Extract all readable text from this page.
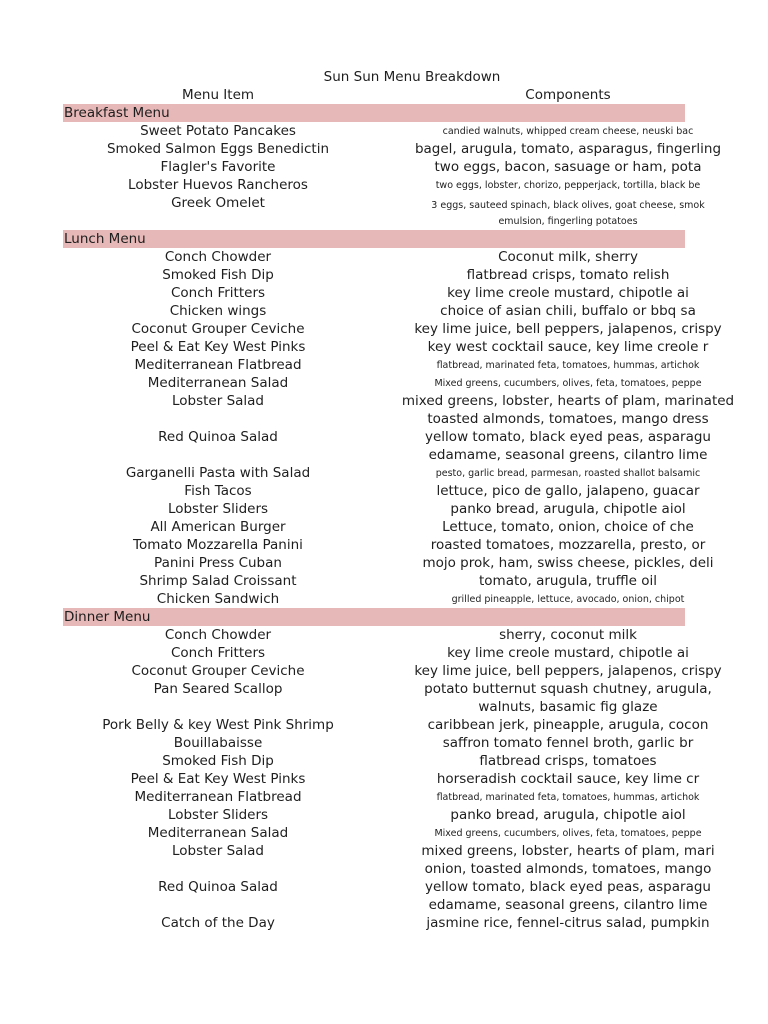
Sun Sun Menu Breakdown
Menu Item	Components
Breakfast Menu
Sweet Potato Pancakes	candied walnuts, whipped cream cheese, neuski bac
Smoked Salmon Eggs Benedictin	bagel, arugula, tomato, asparagus, fingerling
Flagler's Favorite	two eggs, bacon, sasuage or ham, pota
Lobster Huevos Rancheros	two eggs, lobster, chorizo, pepperjack, tortilla, black be
Greek Omelet	3 eggs, sauteed spinach, black olives, goat cheese, smok
emulsion, fingerling potatoes
Lunch Menu
Conch Chowder	Coconut milk, sherry
Smoked Fish Dip	flatbread crisps, tomato relish
Conch Fritters	key lime creole mustard, chipotle ai
Chicken wings	choice of asian chili, buffalo or bbq sa
Coconut Grouper Ceviche	key lime juice, bell peppers, jalapenos, crispy
Peel & Eat Key West Pinks	key west cocktail sauce, key lime creole r
Mediterranean Flatbread	flatbread, marinated feta, tomatoes, hummas, artichok
Mediterranean Salad	Mixed greens, cucumbers, olives, feta, tomatoes, peppe
Lobster Salad	mixed greens, lobster, hearts of plam, marinated
toasted almonds, tomatoes, mango dress
Red Quinoa Salad	yellow tomato, black eyed peas, asparagu
edamame, seasonal greens, cilantro lime
Garganelli Pasta with Salad	pesto, garlic bread, parmesan, roasted shallot balsamic
Fish Tacos	lettuce, pico de gallo, jalapeno, guacar
Lobster Sliders	panko bread, arugula, chipotle aiol
All American Burger	Lettuce, tomato, onion, choice of che
Tomato Mozzarella Panini	roasted tomatoes, mozzarella, presto, or
Panini Press Cuban	mojo prok, ham, swiss cheese, pickles, deli
Shrimp Salad Croissant	tomato, arugula, truffle oil
Chicken Sandwich	grilled pineapple, lettuce, avocado, onion, chipot
Dinner Menu
Conch Chowder	sherry, coconut milk
Conch Fritters	key lime creole mustard, chipotle ai
Coconut Grouper Ceviche	key lime juice, bell peppers, jalapenos, crispy
Pan Seared Scallop	potato butternut squash chutney, arugula,
walnuts, basamic fig glaze
Pork Belly & key West Pink Shrimp	caribbean jerk, pineapple, arugula, cocon
Bouillabaisse	saffron tomato fennel broth, garlic br
Smoked Fish Dip	flatbread crisps, tomatoes
Peel & Eat Key West Pinks	horseradish cocktail sauce, key lime cr
Mediterranean Flatbread	flatbread, marinated feta, tomatoes, hummas, artichok
Lobster Sliders	panko bread, arugula, chipotle aiol
Mediterranean Salad	Mixed greens, cucumbers, olives, feta, tomatoes, peppe
Lobster Salad	mixed greens, lobster, hearts of plam, mari
onion, toasted almonds, tomatoes, mango
Red Quinoa Salad	yellow tomato, black eyed peas, asparagu
edamame, seasonal greens, cilantro lime
Catch of the Day	jasmine rice, fennel-citrus salad, pumpkin
